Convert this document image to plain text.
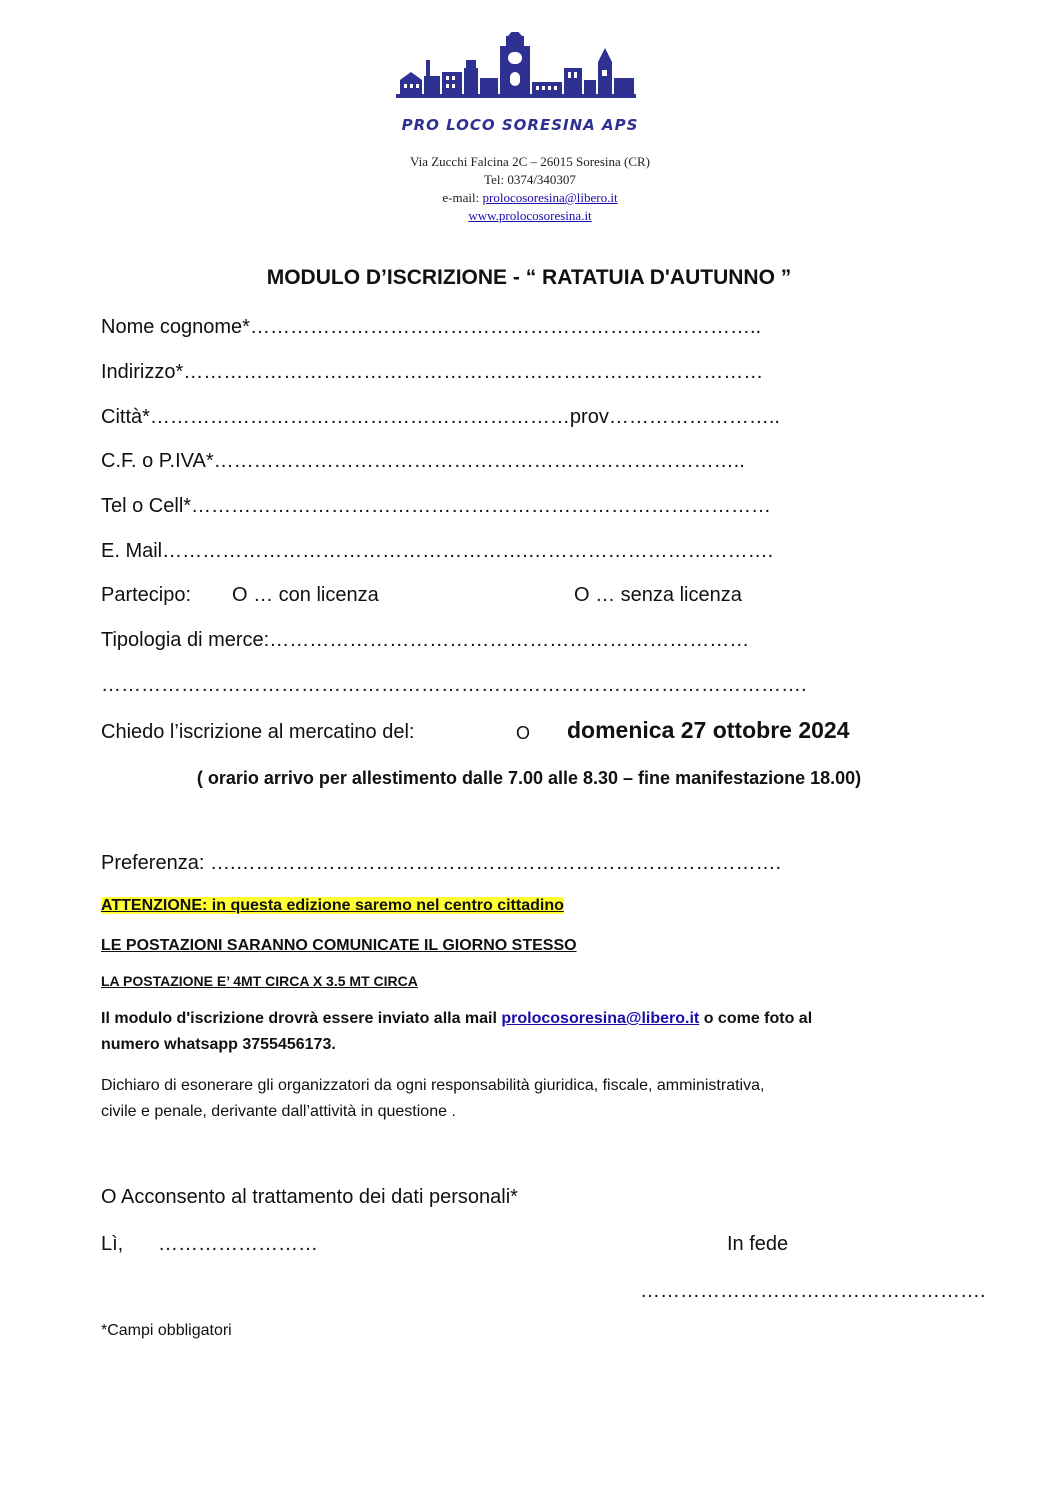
PRO LOCO SORESINA APS
Via Zucchi Falcina 2C – 26015 Soresina (CR)
Tel: 0374/340307
e-mail: prolocosoresina@libero.it
www.prolocosoresina.it
MODULO D’ISCRIZIONE - “ RATATUIA D'AUTUNNO ”
Nome cognome*…………………………………………………………………..
Indirizzo*……………………………………………………………………………
Città*………………………………………………………prov……………………..
C.F. o P.IVA*……………………………………………………………………..
Tel o Cell*……………………………………………………………………………
E. Mail……………………………………………….……………………………….
Partecipo: O … con licenza	O … senza licenza
Tipologia di merce:………………………………………………………………
…………………………………………………………………………………………….
Chiedo l’iscrizione al mercatino del:	O domenica 27 ottobre 2024
( orario arrivo per allestimento dalle 7.00 alle 8.30 – fine manifestazione 18.00)
Preferenza: ….……………………………………………………………………….
ATTENZIONE: in questa edizione saremo nel centro cittadino
LE POSTAZIONI SARANNO COMUNICATE IL GIORNO STESSO
LA POSTAZIONE E’ 4MT CIRCA X 3.5 MT CIRCA
Il modulo d'iscrizione drovrà essere inviato alla mail prolocosoresina@libero.it o come foto al
numero whatsapp 3755456173.
Dichiaro di esonerare gli organizzatori da ogni responsabilità giuridica, fiscale, amministrativa,
civile e penale, derivante dall’attività in questione .
O Acconsento al trattamento dei dati personali*
Lì, ……………………	In fede
…………………………………………….
*Campi obbligatori
